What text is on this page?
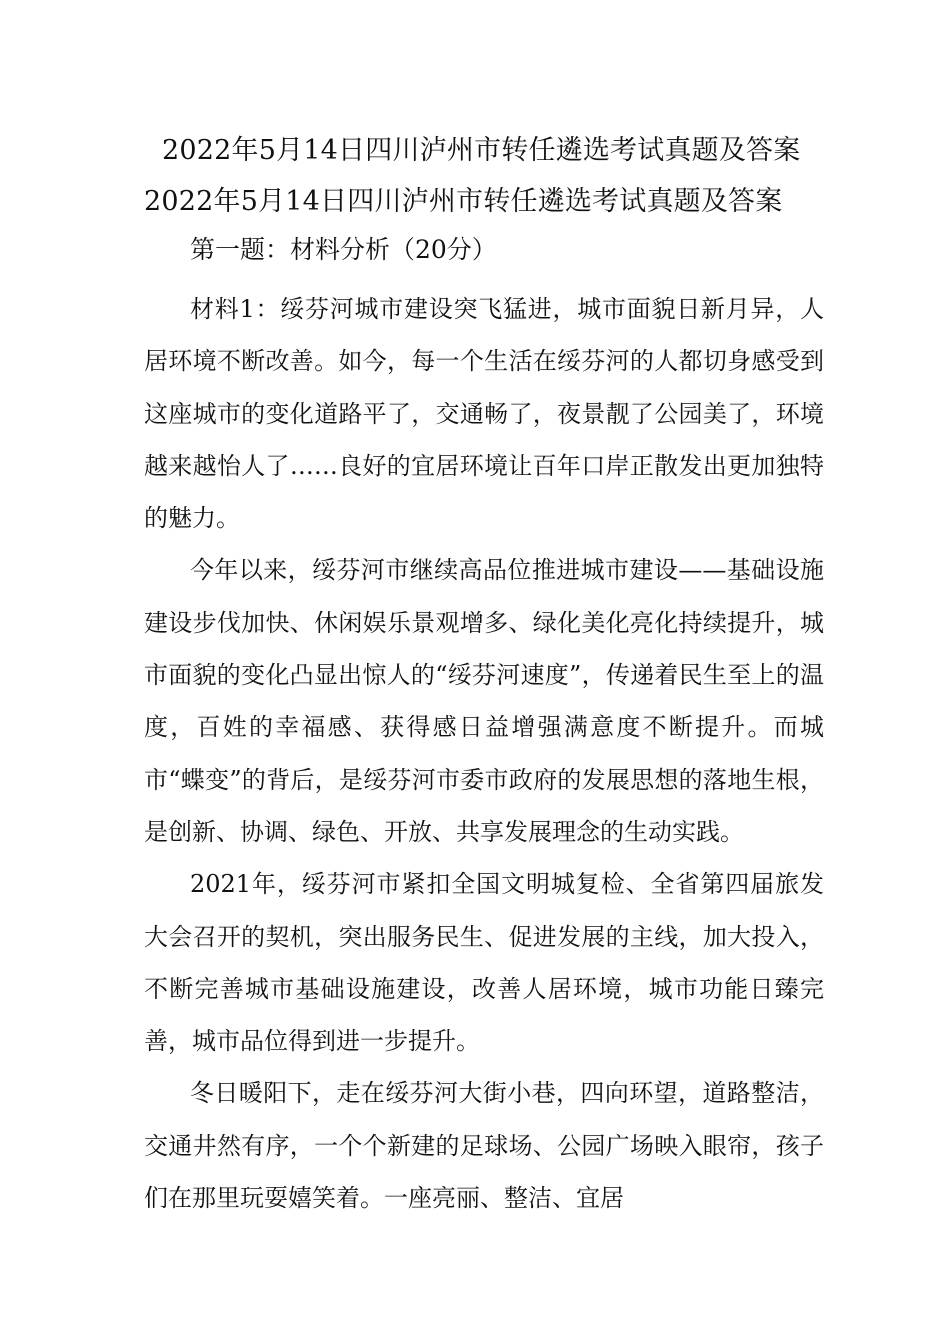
2022年5月14日四川泸州市转任遴选考试真题及答案
2022年5月14日四川泸州市转任遴选考试真题及答案
第一题：材料分析（20分）

材料1：绥芬河城市建设突飞猛进，城市面貌日新月异，人居环境不断改善。如今，每一个生活在绥芬河的人都切身感受到这座城市的变化道路平了，交通畅了，夜景靓了公园美了，环境越来越怡人了……良好的宜居环境让百年口岸正散发出更加独特的魅力。

今年以来，绥芬河市继续高品位推进城市建设——基础设施建设步伐加快、休闲娱乐景观增多、绿化美化亮化持续提升，城市面貌的变化凸显出惊人的“绥芬河速度”，传递着民生至上的温度，百姓的幸福感、获得感日益增强满意度不断提升。而城市“蝶变”的背后，是绥芬河市委市政府的发展思想的落地生根，是创新、协调、绿色、开放、共享发展理念的生动实践。

2021年，绥芬河市紧扣全国文明城复检、全省第四届旅发大会召开的契机，突出服务民生、促进发展的主线，加大投入，不断完善城市基础设施建设，改善人居环境，城市功能日臻完善，城市品位得到进一步提升。

冬日暖阳下，走在绥芬河大街小巷，四向环望，道路整洁，交通井然有序，一个个新建的足球场、公园广场映入眼帘，孩子们在那里玩耍嬉笑着。一座亮丽、整洁、宜居
